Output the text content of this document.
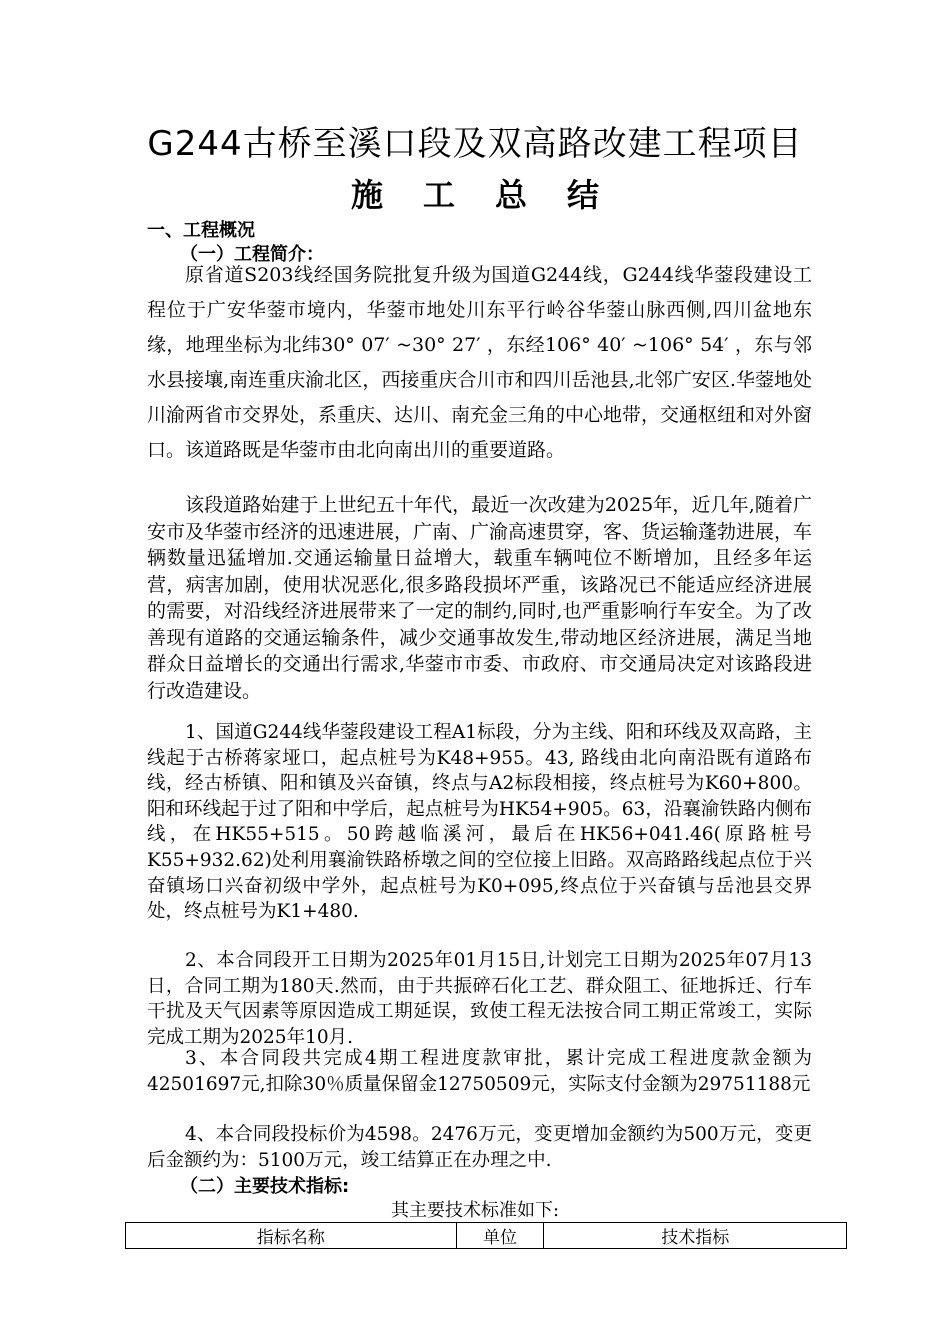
G244古桥至溪口段及双高路改建工程项目
施工总结
一、工程概况
（一）工程简介：

原省道S203线经国务院批复升级为国道G244线，G244线华蓥段建设工程位于广安华蓥市境内，华蓥市地处川东平行岭谷华蓥山脉西侧,四川盆地东缘，地理坐标为北纬30° 07′ ~30° 27′ ，东经106° 40′ ~106° 54′ ，东与邻水县接壤,南连重庆渝北区，西接重庆合川市和四川岳池县,北邻广安区.华蓥地处川渝两省市交界处，系重庆、达川、南充金三角的中心地带，交通枢纽和对外窗口。该道路既是华蓥市由北向南出川的重要道路。

该段道路始建于上世纪五十年代，最近一次改建为2025年，近几年,随着广安市及华蓥市经济的迅速进展，广南、广渝高速贯穿，客、货运输蓬勃进展，车辆数量迅猛增加.交通运输量日益增大，载重车辆吨位不断增加，且经多年运营，病害加剧，使用状况恶化,很多路段损坏严重，该路况已不能适应经济进展的需要，对沿线经济进展带来了一定的制约,同时,也严重影响行车安全。为了改善现有道路的交通运输条件，减少交通事故发生,带动地区经济进展，满足当地群众日益增长的交通出行需求,华蓥市市委、市政府、市交通局决定对该路段进行改造建设。

1、国道G244线华蓥段建设工程A1标段，分为主线、阳和环线及双高路，主线起于古桥蒋家垭口，起点桩号为K48+955。43, 路线由北向南沿既有道路布线，经古桥镇、阳和镇及兴奋镇，终点与A2标段相接，终点桩号为K60+800。阳和环线起于过了阳和中学后，起点桩号为HK54+905。63，沿襄渝铁路内侧布线，在HK55+515。50跨越临溪河，最后在HK56+041.46(原路桩号K55+932.62)处利用襄渝铁路桥墩之间的空位接上旧路。双高路路线起点位于兴奋镇场口兴奋初级中学外，起点桩号为K0+095,终点位于兴奋镇与岳池县交界处，终点桩号为K1+480.

2、本合同段开工日期为2025年01月15日,计划完工日期为2025年07月13日，合同工期为180天.然而，由于共振碎石化工艺、群众阻工、征地拆迁、行车干扰及天气因素等原因造成工期延误，致使工程无法按合同工期正常竣工，实际完成工期为2025年10月.

3、本合同段共完成4期工程进度款审批，累计完成工程进度款金额为42501697元,扣除30％质量保留金12750509元，实际支付金额为29751188元

4、本合同段投标价为4598。2476万元，变更增加金额约为500万元，变更后金额约为：5100万元，竣工结算正在办理之中.

（二）主要技术指标:
其主要技术标准如下:
指标名称	单位	技术指标
